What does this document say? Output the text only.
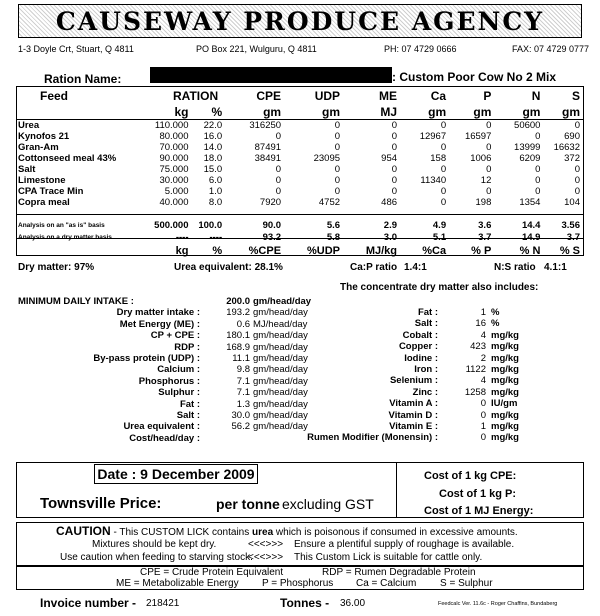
CAUSEWAY PRODUCE AGENCY
1-3 Doyle Crt, Stuart, Q 4811	PO Box 221, Wulguru, Q 4811	PH: 07 4729 0666	FAX: 07 4729 0777
Ration Name:	: Custom Poor Cow No 2 Mix
Feed	RATION		CPE	UDP	ME	Ca	P	N	S
	kg	%	gm	gm	MJ	gm	gm	gm	gm
Urea	110.000	22.0	316250	0	0	0	0	50600	0
Kynofos 21	80.000	16.0	0	0	0	12967	16597	0	690
Gran-Am	70.000	14.0	87491	0	0	0	0	13999	16632
Cottonseed meal 43%	90.000	18.0	38491	23095	954	158	1006	6209	372
Salt	75.000	15.0	0	0	0	0	0	0	0
Limestone	30.000	6.0	0	0	0	11340	12	0	0
CPA Trace Min	5.000	1.0	0	0	0	0	0	0	0
Copra meal	40.000	8.0	7920	4752	486	0	198	1354	104

Analysis on an "as is" basis	500.000	100.0	90.0	5.6	2.9	4.9	3.6	14.4	3.56
Analysis on a dry matter basis	----	----	93.2	5.8	3.0	5.1	3.7	14.9	3.7
	kg	%	%CPE	%UDP	MJ/kg	%Ca	% P	% N	% S
Dry matter: 97%	Urea equivalent: 28.1%	Ca:P ratio 1.4:1	N:S ratio 4.1:1
The concentrate dry matter also includes:
MINIMUM DAILY INTAKE :	200.0	gm/head/day
Dry matter intake :	193.2	gm/head/day
Met Energy (ME) :	0.6	MJ/head/day
CP + CPE :	180.1	gm/head/day
RDP :	168.9	gm/head/day
By-pass protein (UDP) :	11.1	gm/head/day
Calcium :	9.8	gm/head/day
Phosphorus :	7.1	gm/head/day
Sulphur :	7.1	gm/head/day
Fat :	1.3	gm/head/day
Salt :	30.0	gm/head/day
Urea equivalent :	56.2	gm/head/day
Cost/head/day :		
Fat :	1	%
Salt :	16	%
Cobalt :	4	mg/kg
Copper :	423	mg/kg
Iodine :	2	mg/kg
Iron :	1122	mg/kg
Selenium :	4	mg/kg
Zinc :	1258	mg/kg
Vitamin A :	0	IU/gm
Vitamin D :	0	mg/kg
Vitamin E :	1	mg/kg
Rumen Modifier (Monensin) :	0	mg/kg
Date : 9 December 2009
Townsville Price:	per tonne excluding GST
Cost of 1 kg CPE:
Cost of 1 kg P:
Cost of 1 MJ Energy:
CAUTION - This CUSTOM LICK contains urea which is poisonous if consumed in excessive amounts.
Mixtures should be kept dry.	<<<>>> Ensure a plentiful supply of roughage is available.
Use caution when feeding to starving stock.
<<<>>> This Custom Lick is suitable for cattle only.
CPE = Crude Protein Equivalent	RDP = Rumen Degradable Protein
ME = Metabolizable Energy P = Phosphorus Ca = Calcium S = Sulphur
Invoice number - 218421	Tonnes - 36.00	Feedcalc Ver. 11.6c - Roger Chaffins, Bundaberg
